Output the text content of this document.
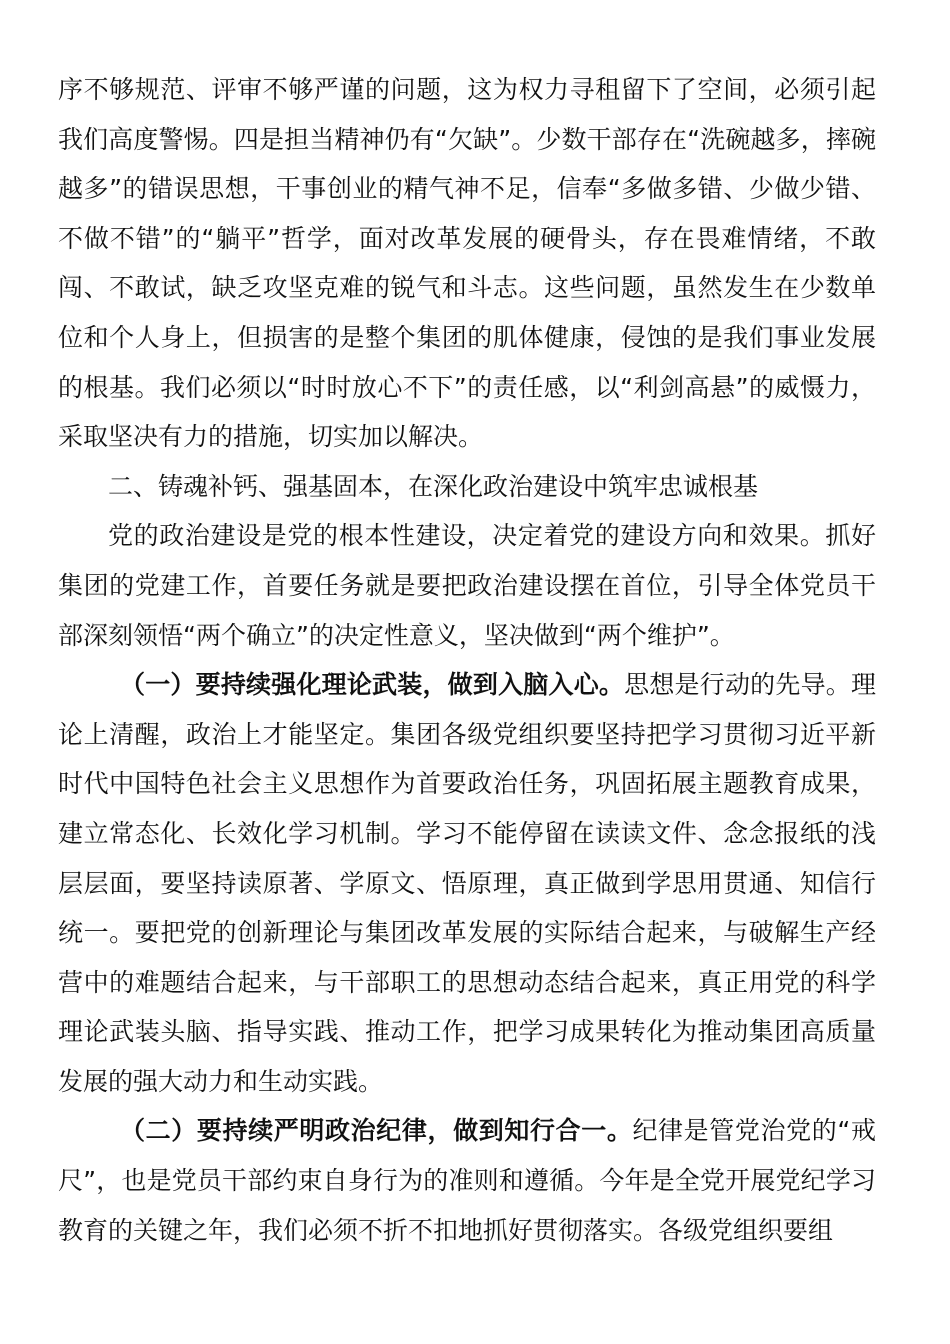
序不够规范、评审不够严谨的问题，这为权力寻租留下了空间，必须引起我们高度警惕。四是担当精神仍有“欠缺”。少数干部存在“洗碗越多，摔碗越多”的错误思想，干事创业的精气神不足，信奉“多做多错、少做少错、不做不错”的“躺平”哲学，面对改革发展的硬骨头，存在畏难情绪，不敢闯、不敢试，缺乏攻坚克难的锐气和斗志。这些问题，虽然发生在少数单位和个人身上，但损害的是整个集团的肌体健康，侵蚀的是我们事业发展的根基。我们必须以“时时放心不下”的责任感，以“利剑高悬”的威慑力，采取坚决有力的措施，切实加以解决。

二、铸魂补钙、强基固本，在深化政治建设中筑牢忠诚根基

党的政治建设是党的根本性建设，决定着党的建设方向和效果。抓好集团的党建工作，首要任务就是要把政治建设摆在首位，引导全体党员干部深刻领悟“两个确立”的决定性意义，坚决做到“两个维护”。

（一）要持续强化理论武装，做到入脑入心。思想是行动的先导。理论上清醒，政治上才能坚定。集团各级党组织要坚持把学习贯彻习近平新时代中国特色社会主义思想作为首要政治任务，巩固拓展主题教育成果，建立常态化、长效化学习机制。学习不能停留在读读文件、念念报纸的浅层层面，要坚持读原著、学原文、悟原理，真正做到学思用贯通、知信行统一。要把党的创新理论与集团改革发展的实际结合起来，与破解生产经营中的难题结合起来，与干部职工的思想动态结合起来，真正用党的科学理论武装头脑、指导实践、推动工作，把学习成果转化为推动集团高质量发展的强大动力和生动实践。

（二）要持续严明政治纪律，做到知行合一。纪律是管党治党的“戒尺”，也是党员干部约束自身行为的准则和遵循。今年是全党开展党纪学习教育的关键之年，我们必须不折不扣地抓好贯彻落实。各级党组织要组
